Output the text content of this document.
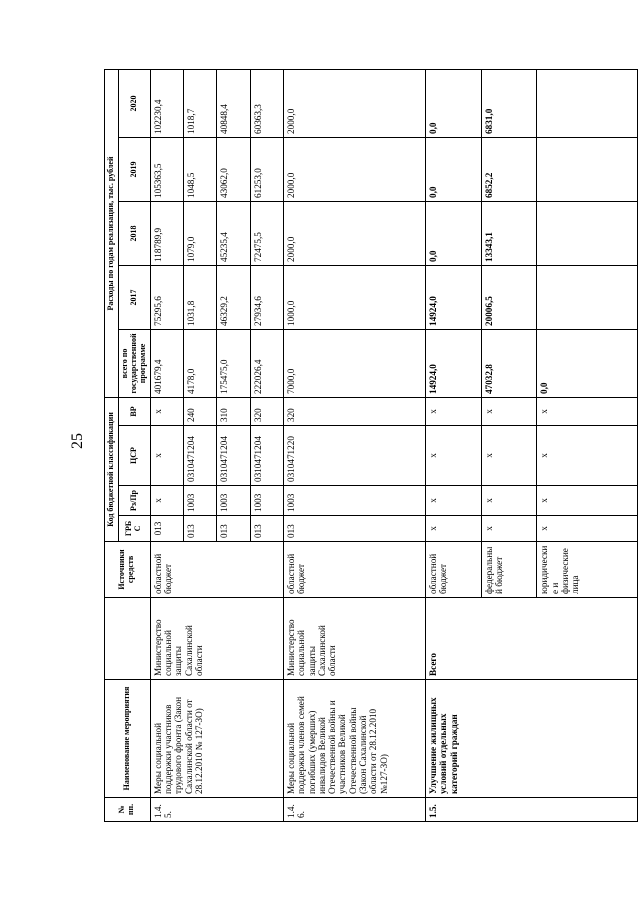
25
№ пп.	Наименование мероприятия		Источники средств	Код бюджетной классификации				Расходы по годам реализации, тыс. рублей				
				ГРБС	Рз/Пр	ЦСР	ВР	всего по государственной программе	2017	2018	2019	2020
1.4.5.	Меры социальной поддержки участников трудового фронта (Закон Сахалинской области от 28.12.2010 № 127-ЗО)	Министерство социальной защиты Сахалинской области	областной бюджет	013	x	x	x	401679,4	75295,6	118789,9	105363,5	102230,4
				013	1003	0310471204	240	4178,0	1031,8	1079,0	1048,5	1018,7
				013	1003	0310471204	310	175475,0	46329,2	45235,4	43062,0	40848,4
				013	1003	0310471204	320	222026,4	27934,6	72475,5	61253,0	60363,3
1.4.6.	Меры социальной поддержки членов семей погибших (умерших) инвалидов Великой Отечественной войны и участников Великой Отечественной войны (Закон Сахалинской области от 28.12.2010 №127-ЗО)	Министерство социальной защиты Сахалинской области	областной бюджет	013	1003	0310471220	320	7000,0	1000,0	2000,0	2000,0	2000,0
1.5.	Улучшение жилищных условий отдельных категорий граждан	Всего	областной бюджет	x	x	x	x	14924,0	14924,0	0,0	0,0	0,0
			федеральный бюджет	x	x	x	x	47032,8	20006,5	13343,1	6852,2	6831,0
			юридические и физические лица	x	x	x	x	0,0				
